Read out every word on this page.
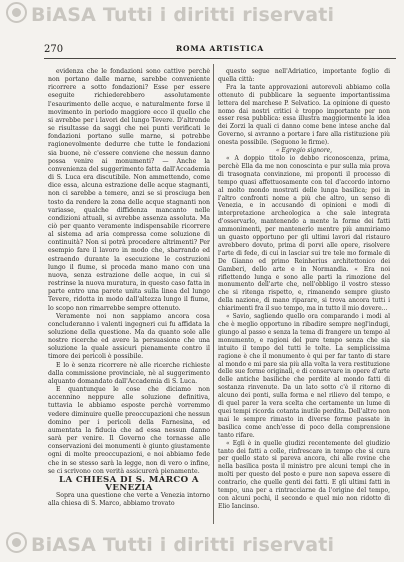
BiASA Tutti i diritti riservati
270	ROMA ARTISTICA

evidenza che le fondazioni sono cattive perchè non portano dalle marne, sarebbe conveniente ricorrere a sotto fondazioni? Esse per essere eseguite richiederebbero assolutamente l'esaurimento delle acque, e naturalmente forse il movimento in periodo maggiore ecco il quello che si avrebbe per i lavori del lungo Tevere. D'altronde se risultasse da saggi che nei punti verificati le fondazioni portano sulle marne, si potrebbe ragionevolmente dedurre che tutte le fondazioni sia buone, nè c'essere conviene che nessun danno possa venire ai monumenti? — Anche la convenienza del suggerimento fatta dall'Accademia di S. Luca era discutibile. Non ammettendo, come dice essa, alcuna estrazione delle acque stagnanti, non ci sarebbe a temere, anzi se si prosciuga ben tosto da rendere la zona delle acque stagnanti non variasse, qualche diffidenza mancanto nelle condizioni attuali, si avrebbe assenza assoluta. Ma ciò per quanto veramente indispensabile ricorrere al sistema ad aria compressa come soluzione di continuità? Non si potrà procedere altrimenti? Per esempio fare il lavoro in modo che, sbarrando ed estraendo durante la esecuzione le costruzioni lungo il fiume, si proceda mano mano con una nuova, senza estrazione delle acque, in cui si restrinse la nuova muratura, in questo caso fatta in parte entro una parete unita sulla linea del lungo Tevere, ridotta in modo dall'altezza lungo il fiume, lo scopo non rimarrebbe sempre ottenuto.

Veramente noi non sappiamo ancora cosa concluderanno i valenti ingegneri cui fu affidata la soluzione della questione. Ma da quanto sole alle nostre ricerche ed avere la persuasione che una soluzione la quale assicuri pienamente contro il timore dei pericoli è possibile.

E lo è senza ricorrere nè alle ricerche richieste dalla commissione provinciale, nè al suggerimento alquanto domandato dall'Accademia di S. Luca.

E quantunque le cose che diciamo non accennino neppure alle soluzione definitiva, tuttavia le abbiamo esposte perchè vorremmo vedere diminuire quelle preoccupazioni che nessun domino per i pericoli della Farnesina, ed aumentata la fiducia che ad essa nessun danno sarà per venire. Il Governo che tornasse alle conservazioni dei monumenti è giunto giustamente ogni di molte preoccupazioni, e noi abbiamo fede che in se stesso sarà la legge, non di vero o infine, se ci scrivono con verità assicurerà pienamente.

LA CHIESA DI S. MARCO A VENEZIA

Sopra una questione che verte a Venezia intorno alla chiesa di S. Marco, abbiamo trovato

questo segue nell'Adriatico, importante foglio di quella città:

Fra la tante approvazioni autorevoli abbiamo colla ottenuto di pubblicare la seguente importantissima lettera del marchese P. Selvatico. La opinione di questo nomo dai nostri critici è troppo importante per non esser resa pubblica: essa illustra maggiormente la idea dei Zorzi la quali ci danno come bene intese anche dal Governo, si avranno a portare i fare alla ristituzione più onesta possibile. (Seguono le firme).

« Egregio signore,

« A doppio titolo io debbo riconoscenza, prima, perchè Ella da me non conoscinta e pur sulla mia prova di trasognata convinzione, mi proponti il processo di tempo quasi affettuosamente con tel d'accordo intorno al molto mondo mostrati delle lunga basilica; poi in l'altro confronti nome a più che altro, un senso di Venezia, e in accusando di opinioni e modi di interpretazione archeologica a che sale integrata d'osservarlo, mantenendo a mente la forme dei fatti ammonimenti, per mantenerlo mentre più ammiriamo un guasto opportuno per gli ultimi lavori dal ristauro avrebbero dovuto, prima di porvi alle opere, risolvere l'arte di fede, di cui in lasciar sui tre tele mo formale di De Gianno ed primo Reinherius architettonico dei Gamberi, dello arte e in Normandia. « Era noi riflettendo lunga e sono alle parti la rimozione del monumento dell'arte che, nell'obbligo il vostro stesso che si ritenga rispetto, e, rimanendo sempre giusto della nazione, di mano riparare, si trova ancora tutti i chiarimenti fra il suo tempo, ma in tutto il mio dovere...

« Savio, sagliendo quello ora comparando i modi al che è meglio opportuno in ribadire sempre negl'indugi, giungo al passo e senza la tema di frangere un tempo al monumento, e ragioni del pure tempo senza che sia intuito il tempo del tutti le tolte. La semplicissima ragione è che il monumento è qui per far tanto di stare al mondo e mi pare sia più alla volta la vera restituzione delle sue forme originali, e di conservare in opere d'arte delle antiche basiliche che perdite al mondo fatti di sostanza rinvenute. Da un lato sotto c'è il ritorno di alcuno dei ponti, sulla forma e nel rilievo del tempo, e di quel parer la vera scelta che certamente un lume di quei tempi ricorda cotanta inutile perdita. Dell'altro non mai le sempre rimasto in diverse forme passate in basilica come anch'esse di poco della comprensione tanto rifare.

« Egli è in quelle giudizi recentemente del giudizio tanto dei fatti a colle, rinfrescare in tempo che si cura per quello stato si pareva ancora, chi alle rovine che nella basilica posta il ministro pre alcuni tempi che in molti per questo del posto e pure non sapeva essere di contrario, che quelle genti dei fatti. E gli ultimi fatti in tempo, una per a rintracciarne da l'origine del tempo, con alcuni pochi, il secondo e quel mio non ridotto di Elio Iancinso.

BiASA Tutti i diritti riservati
